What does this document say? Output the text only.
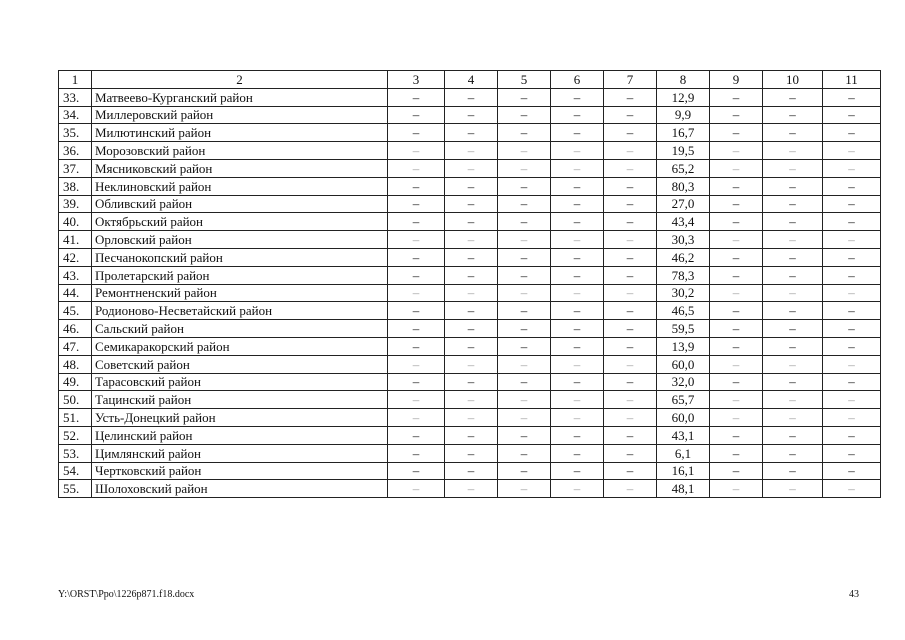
1	2	3	4	5	6	7	8	9	10	11
33.	Матвеево-Курганский район	–	–	–	–	–	12,9	–	–	–
34.	Миллеровский район	–	–	–	–	–	9,9	–	–	–
35.	Милютинский район	–	–	–	–	–	16,7	–	–	–
36.	Морозовский район	–	–	–	–	–	19,5	–	–	–
37.	Мясниковский район	–	–	–	–	–	65,2	–	–	–
38.	Неклиновский район	–	–	–	–	–	80,3	–	–	–
39.	Обливский район	–	–	–	–	–	27,0	–	–	–
40.	Октябрьский район	–	–	–	–	–	43,4	–	–	–
41.	Орловский район	–	–	–	–	–	30,3	–	–	–
42.	Песчанокопский район	–	–	–	–	–	46,2	–	–	–
43.	Пролетарский район	–	–	–	–	–	78,3	–	–	–
44.	Ремонтненский район	–	–	–	–	–	30,2	–	–	–
45.	Родионово-Несветайский район	–	–	–	–	–	46,5	–	–	–
46.	Сальский район	–	–	–	–	–	59,5	–	–	–
47.	Семикаракорский район	–	–	–	–	–	13,9	–	–	–
48.	Советский район	–	–	–	–	–	60,0	–	–	–
49.	Тарасовский район	–	–	–	–	–	32,0	–	–	–
50.	Тацинский район	–	–	–	–	–	65,7	–	–	–
51.	Усть-Донецкий район	–	–	–	–	–	60,0	–	–	–
52.	Целинский район	–	–	–	–	–	43,1	–	–	–
53.	Цимлянский район	–	–	–	–	–	6,1	–	–	–
54.	Чертковский район	–	–	–	–	–	16,1	–	–	–
55.	Шолоховский район	–	–	–	–	–	48,1	–	–	–
Y:\ORST\Ppo\1226p871.f18.docx	43
